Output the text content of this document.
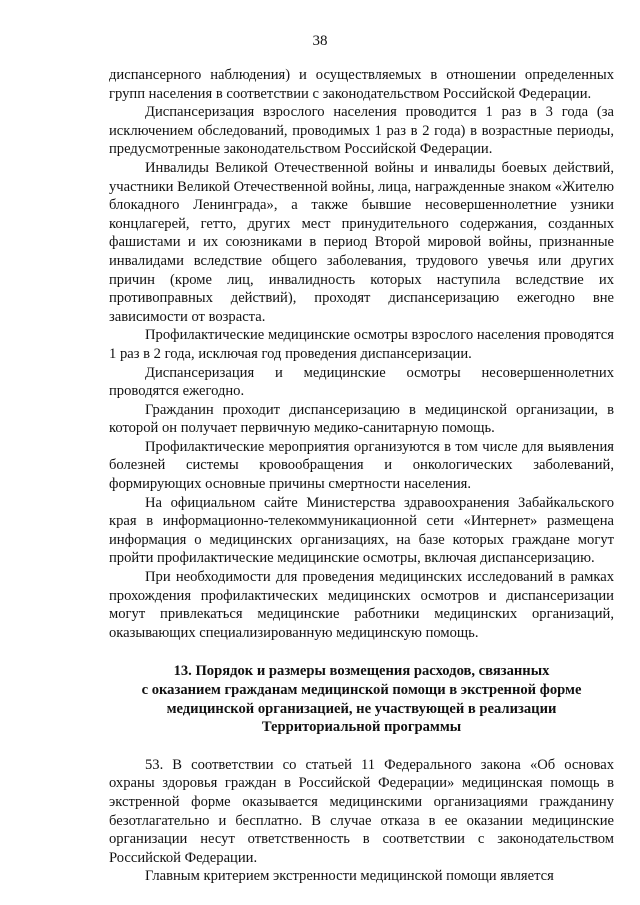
38

диспансерного наблюдения) и осуществляемых в отношении определенных групп населения в соответствии с законодательством Российской Федерации.

Диспансеризация взрослого населения проводится 1 раз в 3 года (за исключением обследований, проводимых 1 раз в 2 года) в возрастные периоды, предусмотренные законодательством Российской Федерации.

Инвалиды Великой Отечественной войны и инвалиды боевых действий, участники Великой Отечественной войны, лица, награжденные знаком «Жителю блокадного Ленинграда», а также бывшие несовершеннолетние узники концлагерей, гетто, других мест принудительного содержания, созданных фашистами и их союзниками в период Второй мировой войны, признанные инвалидами вследствие общего заболевания, трудового увечья или других причин (кроме лиц, инвалидность которых наступила вследствие их противоправных действий), проходят диспансеризацию ежегодно вне зависимости от возраста.

Профилактические медицинские осмотры взрослого населения проводятся 1 раз в 2 года, исключая год проведения диспансеризации.

Диспансеризация и медицинские осмотры несовершеннолетних проводятся ежегодно.

Гражданин проходит диспансеризацию в медицинской организации, в которой он получает первичную медико-санитарную помощь.

Профилактические мероприятия организуются в том числе для выявления болезней системы кровообращения и онкологических заболеваний, формирующих основные причины смертности населения.

На официальном сайте Министерства здравоохранения Забайкальского края в информационно-телекоммуникационной сети «Интернет» размещена информация о медицинских организациях, на базе которых граждане могут пройти профилактические медицинские осмотры, включая диспансеризацию.

При необходимости для проведения медицинских исследований в рамках прохождения профилактических медицинских осмотров и диспансеризации могут привлекаться медицинские работники медицинских организаций, оказывающих специализированную медицинскую помощь.

13. Порядок и размеры возмещения расходов, связанных
с оказанием гражданам медицинской помощи в экстренной форме
медицинской организацией, не участвующей в реализации
Территориальной программы

53. В соответствии со статьей 11 Федерального закона «Об основах охраны здоровья граждан в Российской Федерации» медицинская помощь в экстренной форме оказывается медицинскими организациями гражданину безотлагательно и бесплатно. В случае отказа в ее оказании медицинские организации несут ответственность в соответствии с законодательством Российской Федерации.

Главным критерием экстренности медицинской помощи является
